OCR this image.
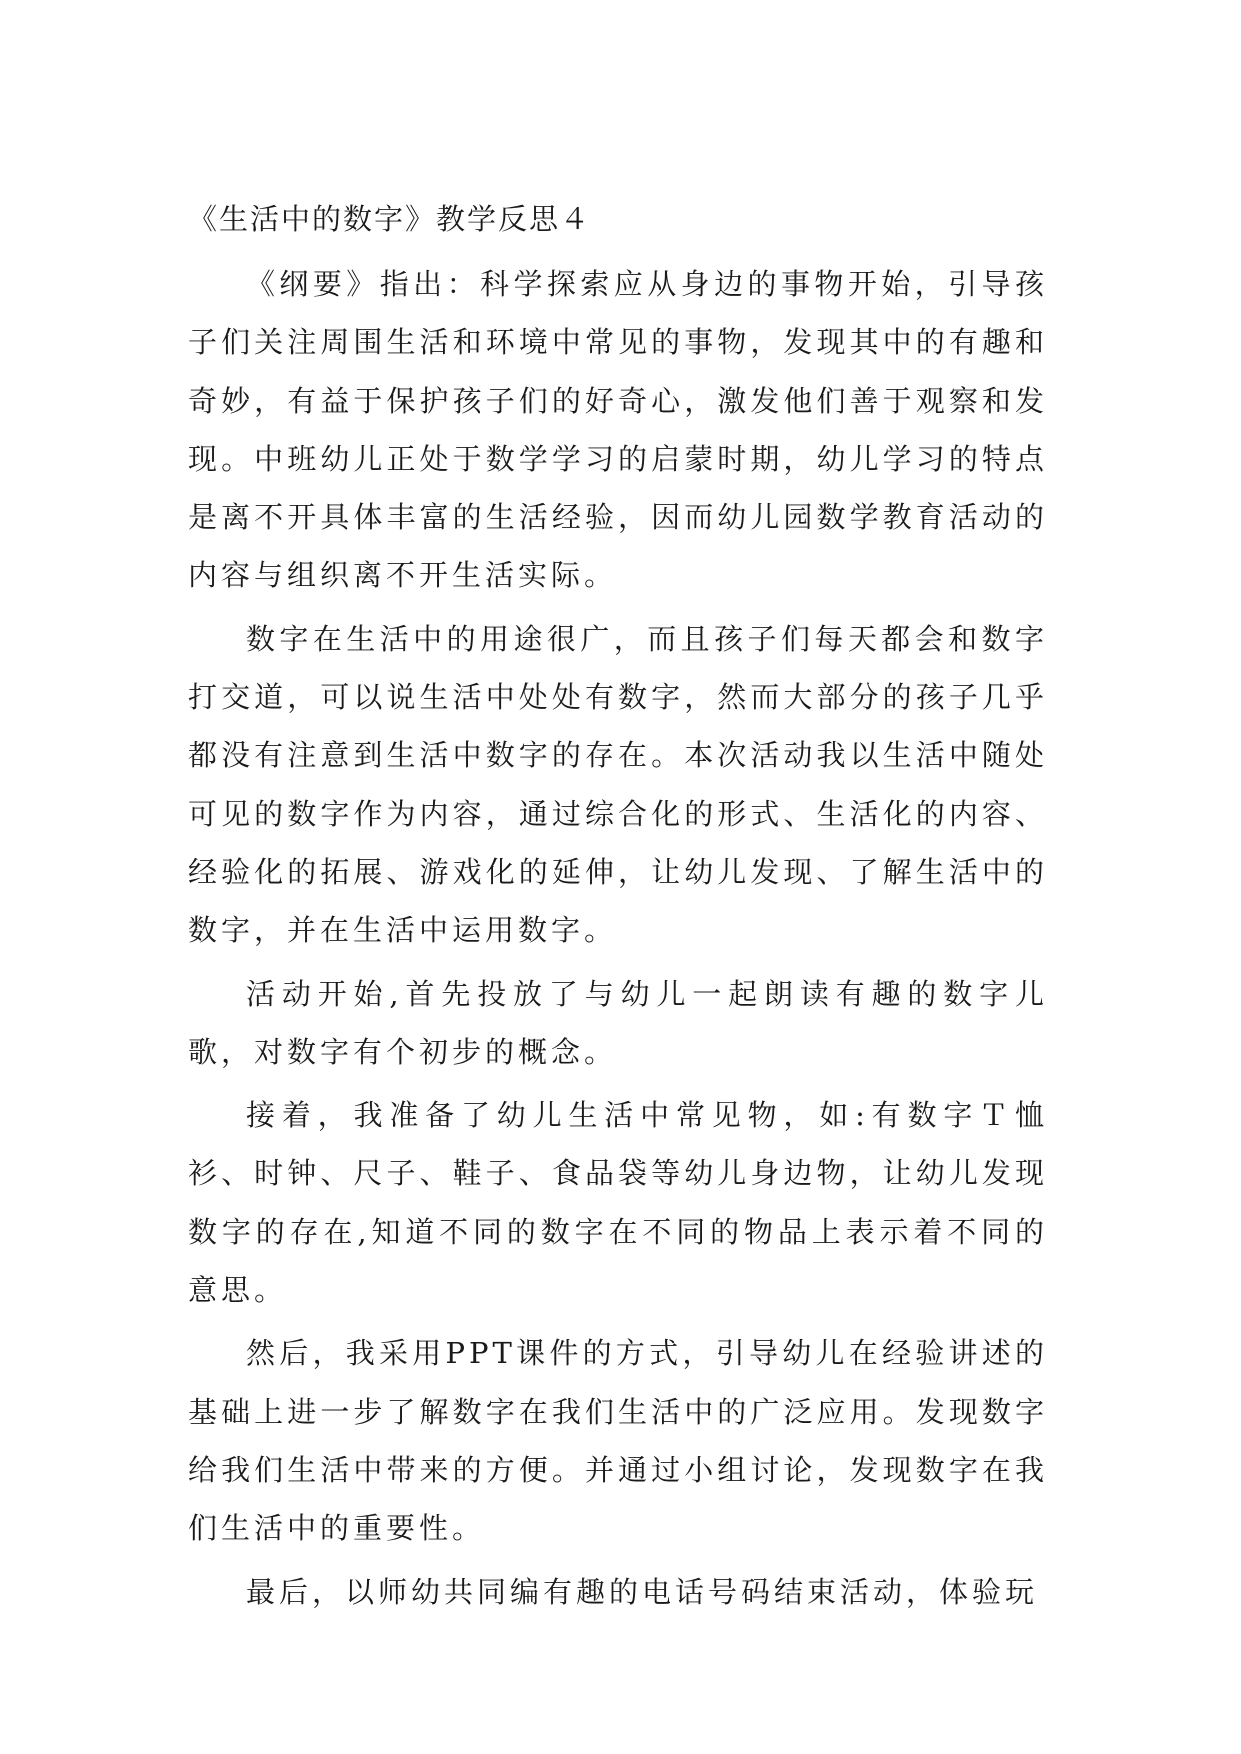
《生活中的数字》教学反思４

《纲要》指出：科学探索应从身边的事物开始，引导孩子们关注周围生活和环境中常见的事物，发现其中的有趣和奇妙，有益于保护孩子们的好奇心，激发他们善于观察和发现。中班幼儿正处于数学学习的启蒙时期，幼儿学习的特点是离不开具体丰富的生活经验，因而幼儿园数学教育活动的内容与组织离不开生活实际。

数字在生活中的用途很广，而且孩子们每天都会和数字打交道，可以说生活中处处有数字，然而大部分的孩子几乎都没有注意到生活中数字的存在。本次活动我以生活中随处可见的数字作为内容，通过综合化的形式、生活化的内容、经验化的拓展、游戏化的延伸，让幼儿发现、了解生活中的数字，并在生活中运用数字。

活动开始,首先投放了与幼儿一起朗读有趣的数字儿歌，对数字有个初步的概念。

接着，我准备了幼儿生活中常见物，如:有数字Ｔ恤衫、时钟、尺子、鞋子、食品袋等幼儿身边物，让幼儿发现数字的存在,知道不同的数字在不同的物品上表示着不同的意思。

然后，我采用PPT课件的方式，引导幼儿在经验讲述的基础上进一步了解数字在我们生活中的广泛应用。发现数字给我们生活中带来的方便。并通过小组讨论，发现数字在我们生活中的重要性。

最后，以师幼共同编有趣的电话号码结束活动，体验玩
